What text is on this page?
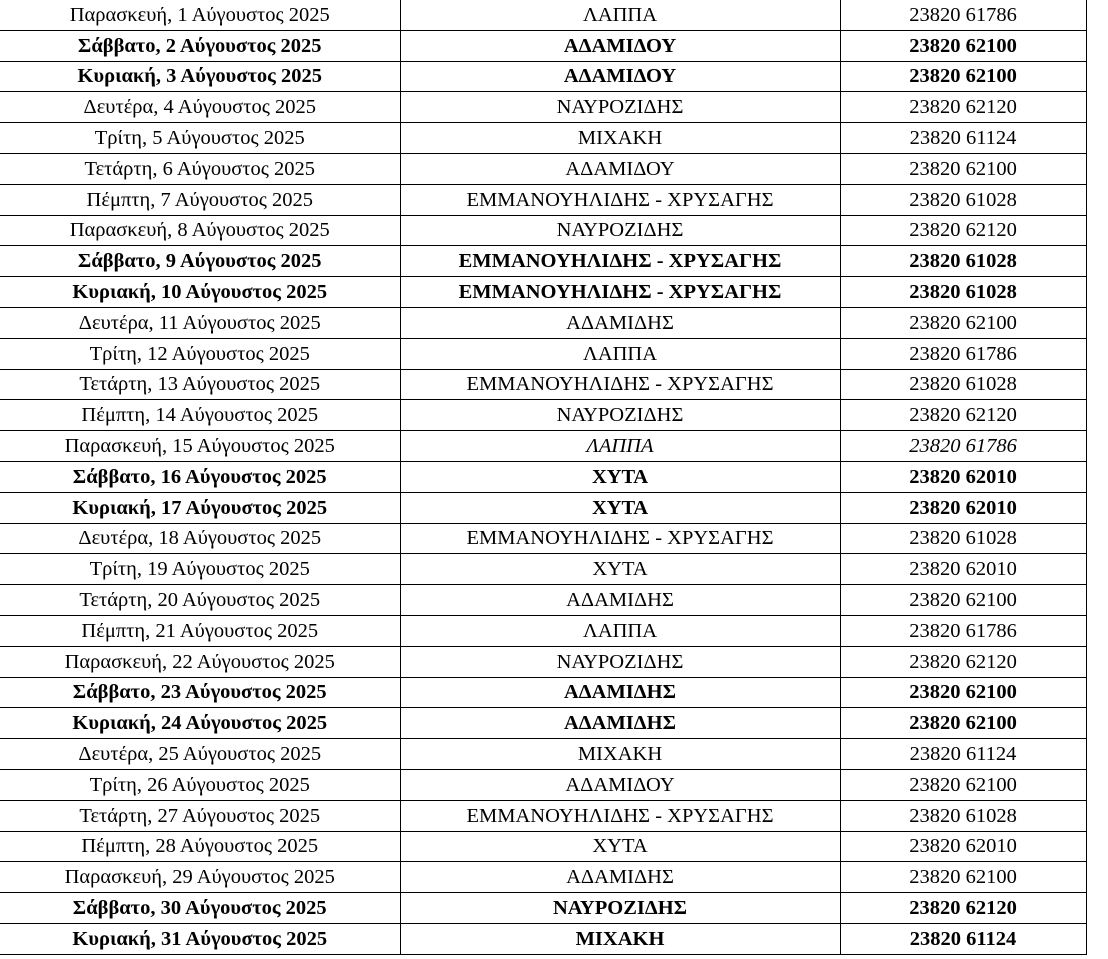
Παρασκευή, 1 Αύγουστος 2025	ΛΑΠΠΑ	23820 61786
Σάββατο, 2 Αύγουστος 2025	ΑΔΑΜΙΔΟΥ	23820 62100
Κυριακή, 3 Αύγουστος 2025	ΑΔΑΜΙΔΟΥ	23820 62100
Δευτέρα, 4 Αύγουστος 2025	ΝΑΥΡΟΖΙΔΗΣ	23820 62120
Τρίτη, 5 Αύγουστος 2025	ΜΙΧΑΚΗ	23820 61124
Τετάρτη, 6 Αύγουστος 2025	ΑΔΑΜΙΔΟΥ	23820 62100
Πέμπτη, 7 Αύγουστος 2025	ΕΜΜΑΝΟΥΗΛΙΔΗΣ - ΧΡΥΣΑΓΗΣ	23820 61028
Παρασκευή, 8 Αύγουστος 2025	ΝΑΥΡΟΖΙΔΗΣ	23820 62120
Σάββατο, 9 Αύγουστος 2025	ΕΜΜΑΝΟΥΗΛΙΔΗΣ - ΧΡΥΣΑΓΗΣ	23820 61028
Κυριακή, 10 Αύγουστος 2025	ΕΜΜΑΝΟΥΗΛΙΔΗΣ - ΧΡΥΣΑΓΗΣ	23820 61028
Δευτέρα, 11 Αύγουστος 2025	ΑΔΑΜΙΔΗΣ	23820 62100
Τρίτη, 12 Αύγουστος 2025	ΛΑΠΠΑ	23820 61786
Τετάρτη, 13 Αύγουστος 2025	ΕΜΜΑΝΟΥΗΛΙΔΗΣ - ΧΡΥΣΑΓΗΣ	23820 61028
Πέμπτη, 14 Αύγουστος 2025	ΝΑΥΡΟΖΙΔΗΣ	23820 62120
Παρασκευή, 15 Αύγουστος 2025	ΛΑΠΠΑ	23820 61786
Σάββατο, 16 Αύγουστος 2025	ΧΥΤΑ	23820 62010
Κυριακή, 17 Αύγουστος 2025	ΧΥΤΑ	23820 62010
Δευτέρα, 18 Αύγουστος 2025	ΕΜΜΑΝΟΥΗΛΙΔΗΣ - ΧΡΥΣΑΓΗΣ	23820 61028
Τρίτη, 19 Αύγουστος 2025	ΧΥΤΑ	23820 62010
Τετάρτη, 20 Αύγουστος 2025	ΑΔΑΜΙΔΗΣ	23820 62100
Πέμπτη, 21 Αύγουστος 2025	ΛΑΠΠΑ	23820 61786
Παρασκευή, 22 Αύγουστος 2025	ΝΑΥΡΟΖΙΔΗΣ	23820 62120
Σάββατο, 23 Αύγουστος 2025	ΑΔΑΜΙΔΗΣ	23820 62100
Κυριακή, 24 Αύγουστος 2025	ΑΔΑΜΙΔΗΣ	23820 62100
Δευτέρα, 25 Αύγουστος 2025	ΜΙΧΑΚΗ	23820 61124
Τρίτη, 26 Αύγουστος 2025	ΑΔΑΜΙΔΟΥ	23820 62100
Τετάρτη, 27 Αύγουστος 2025	ΕΜΜΑΝΟΥΗΛΙΔΗΣ - ΧΡΥΣΑΓΗΣ	23820 61028
Πέμπτη, 28 Αύγουστος 2025	ΧΥΤΑ	23820 62010
Παρασκευή, 29 Αύγουστος 2025	ΑΔΑΜΙΔΗΣ	23820 62100
Σάββατο, 30 Αύγουστος 2025	ΝΑΥΡΟΖΙΔΗΣ	23820 62120
Κυριακή, 31 Αύγουστος 2025	ΜΙΧΑΚΗ	23820 61124
